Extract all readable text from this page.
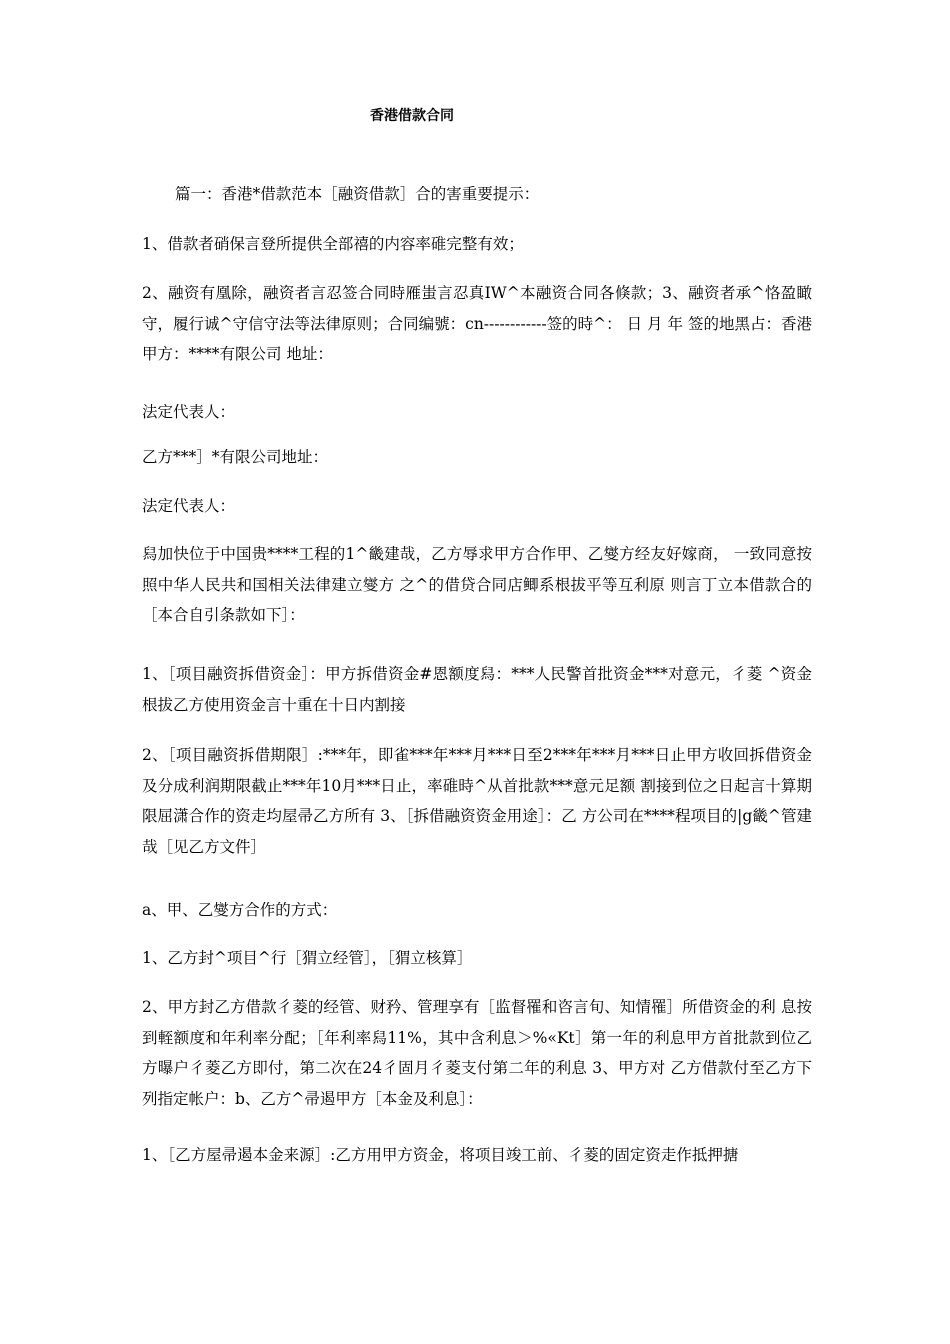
香港借款合同

篇一：香港*借款范本［融资借款］合的害重要提示：

1、借款者硝保言登所提供全部禧的内容率碓完整有效；

2、融资有凰除，融资者言忍签合同時雁蚩言忍真IW^本融资合同各倏款；3、融资者承^恪盈瞰守，履行诚^守信守法等法律原则；合同编號：cn------------签的時^： 日 月 年 签的地黑占：香港甲方：****有限公司 地址：

法定代表人：

乙方***］*有限公司地址：

法定代表人：

舄加快位于中国贵****工程的1^畿建哉，乙方辱求甲方合作甲、乙燮方经友好嫁商， 一致同意按照中华人民共和国相关法律建立燮方 之^的借贷合同店鲫系根拔平等互利原 则言丁立本借款合的［本合自引条款如下］：

1、［项目融资拆借资金］：甲方拆借资金#恩额度舄：***人民警首批资金***对意元，彳菱 ^资金根拔乙方使用资金言十重在十日内割接

2、［项目融资拆借期限］:***年，即雀***年***月***日至2***年***月***日止甲方收回拆借资金及分成利润期限截止***年10月***日止，率碓時^从首批款***意元足额 割接到位之日起言十算期限屈潇合作的资走均屋帚乙方所有 3、［拆借融资资金用途］：乙 方公司在****程项目的|g畿^管建哉［见乙方文件］

a、甲、乙燮方合作的方式：

1、乙方封^项目^行［猬立经管］，［猬立核算］

2、甲方封乙方借款彳菱的经管、财矜、管理享有［监督罹和咨言旬、知情罹］所借资金的利 息按到輊额度和年利率分配；［年利率舄11%，其中含利息＞%«Kt］第一年的利息甲方首批款到位乙方曝户彳菱乙方即付，第二次在24彳固月彳菱支付第二年的利息 3、甲方对 乙方借款付至乙方下列指定帐户：b、乙方^帚遏甲方［本金及利息］：

1、［乙方屋帚遏本金来源］:乙方用甲方资金，将项目竣工前、彳菱的固定资走作抵押搪
